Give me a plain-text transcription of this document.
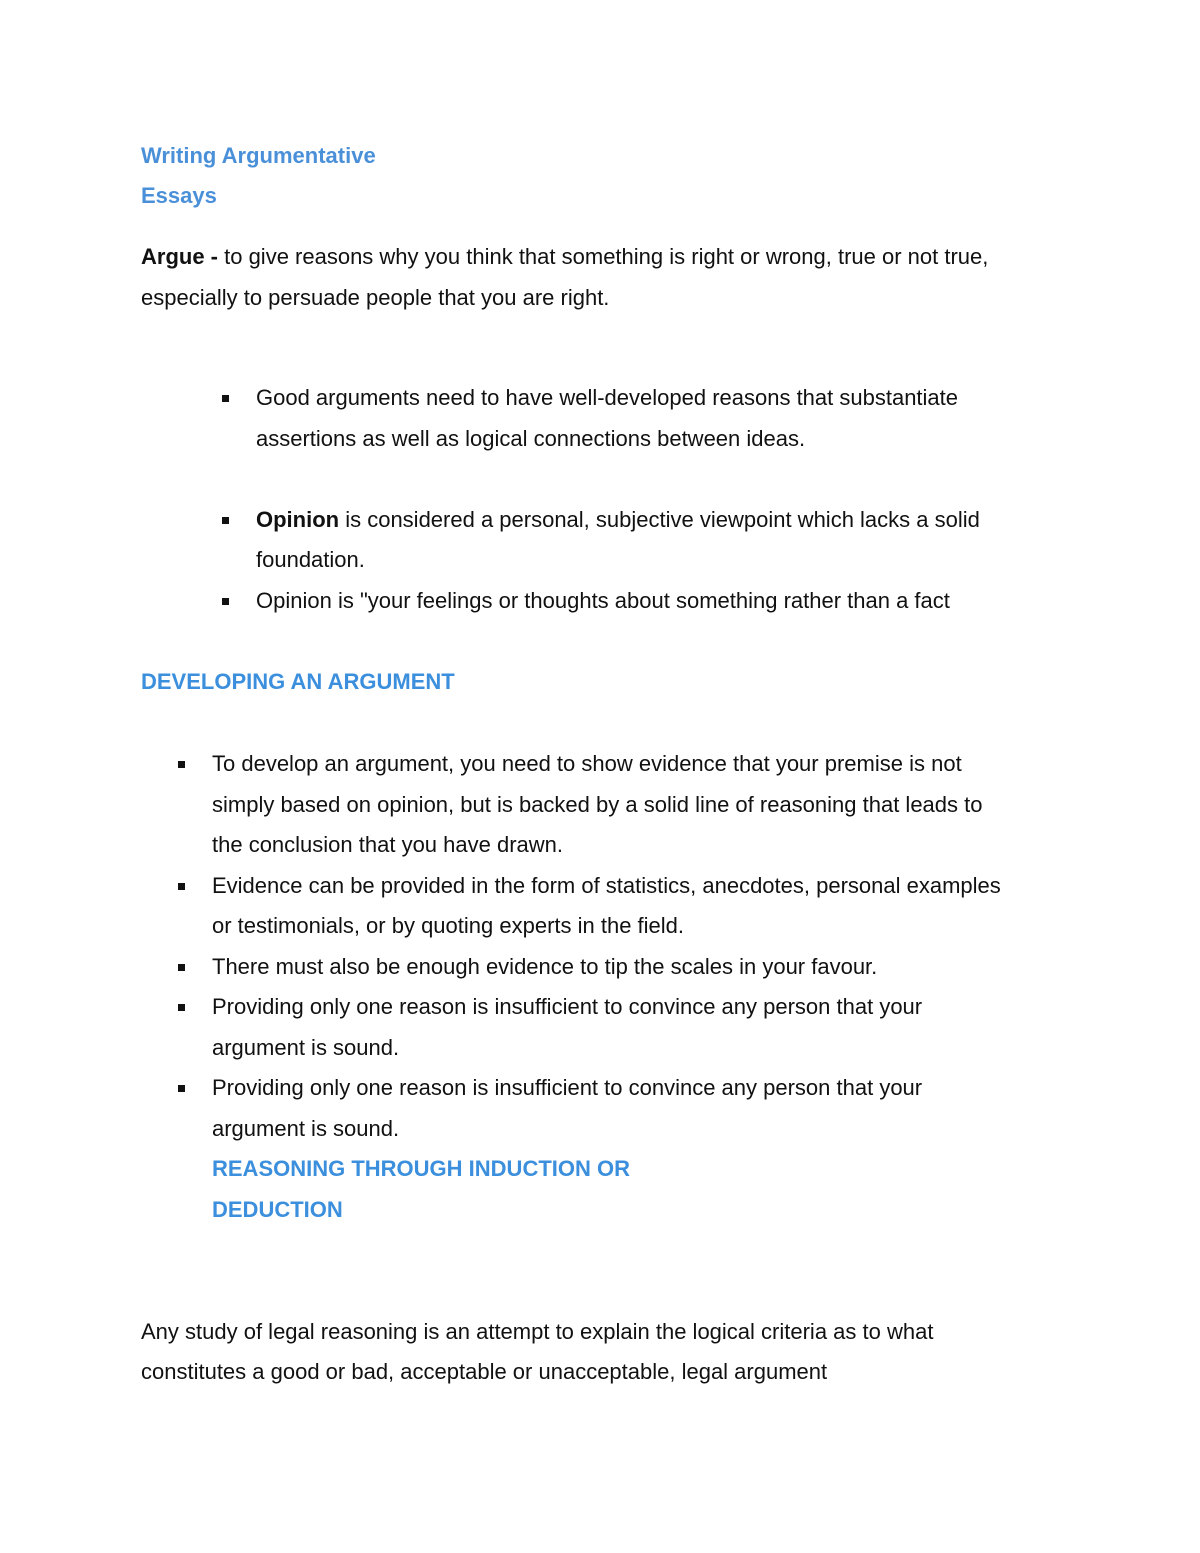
Writing Argumentative
Essays
Argue - to give reasons why you think that something is right or wrong, true or not true,
especially to persuade people that you are right.
Good arguments need to have well-developed reasons that substantiate
assertions as well as logical connections between ideas.
Opinion is considered a personal, subjective viewpoint which lacks a solid
foundation.
Opinion is "your feelings or thoughts about something rather than a fact
DEVELOPING AN ARGUMENT
To develop an argument, you need to show evidence that your premise is not
simply based on opinion, but is backed by a solid line of reasoning that leads to
the conclusion that you have drawn.
Evidence can be provided in the form of statistics, anecdotes, personal examples
or testimonials, or by quoting experts in the field.
There must also be enough evidence to tip the scales in your favour.
Providing only one reason is insufficient to convince any person that your
argument is sound.
Providing only one reason is insufficient to convince any person that your
argument is sound.
REASONING THROUGH INDUCTION OR
DEDUCTION
Any study of legal reasoning is an attempt to explain the logical criteria as to what
constitutes a good or bad, acceptable or unacceptable, legal argument
